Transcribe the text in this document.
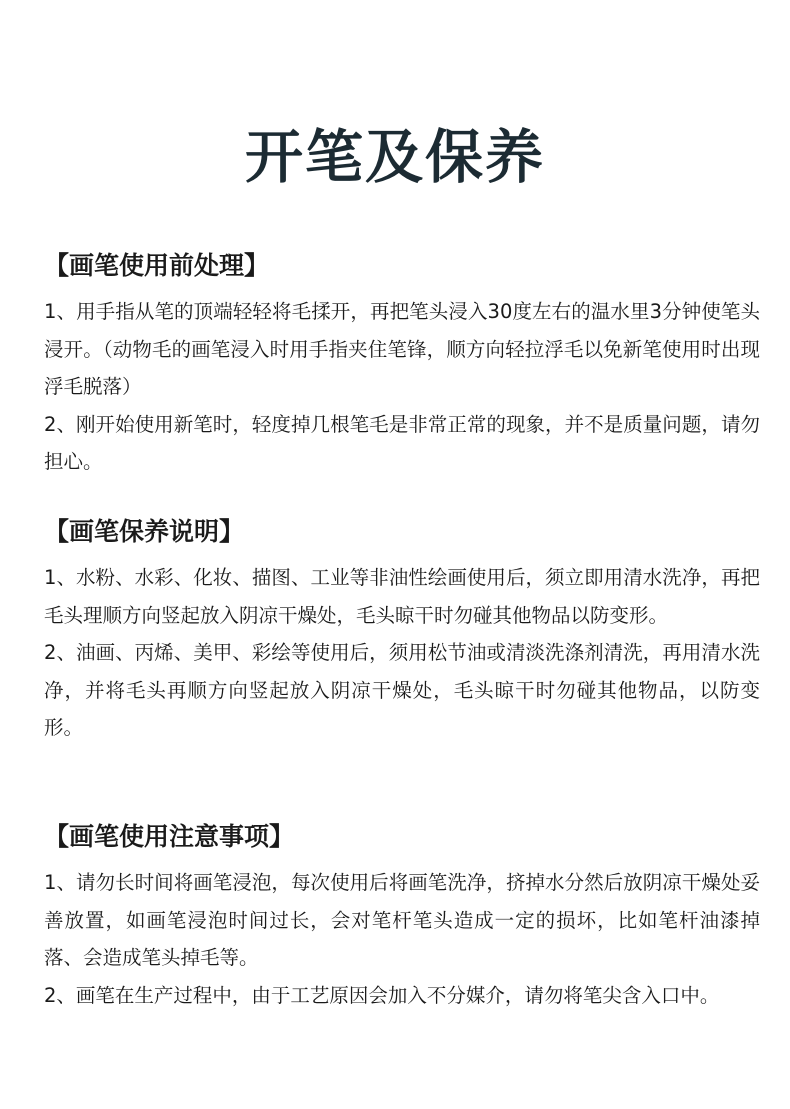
开笔及保养
【画笔使用前处理】

1、用手指从笔的顶端轻轻将毛揉开，再把笔头浸入30度左右的温水里3分钟使笔头浸开。（动物毛的画笔浸入时用手指夹住笔锋，顺方向轻拉浮毛以免新笔使用时出现浮毛脱落）

2、刚开始使用新笔时，轻度掉几根笔毛是非常正常的现象，并不是质量问题，请勿担心。

【画笔保养说明】

1、水粉、水彩、化妆、描图、工业等非油性绘画使用后，须立即用清水洗净，再把毛头理顺方向竖起放入阴凉干燥处，毛头晾干时勿碰其他物品以防变形。

2、油画、丙烯、美甲、彩绘等使用后，须用松节油或清淡洗涤剂清洗，再用清水洗净，并将毛头再顺方向竖起放入阴凉干燥处，毛头晾干时勿碰其他物品，以防变形。

【画笔使用注意事项】

1、请勿长时间将画笔浸泡，每次使用后将画笔洗净，挤掉水分然后放阴凉干燥处妥善放置，如画笔浸泡时间过长，会对笔杆笔头造成一定的损坏，比如笔杆油漆掉落、会造成笔头掉毛等。

2、画笔在生产过程中，由于工艺原因会加入不分媒介，请勿将笔尖含入口中。
